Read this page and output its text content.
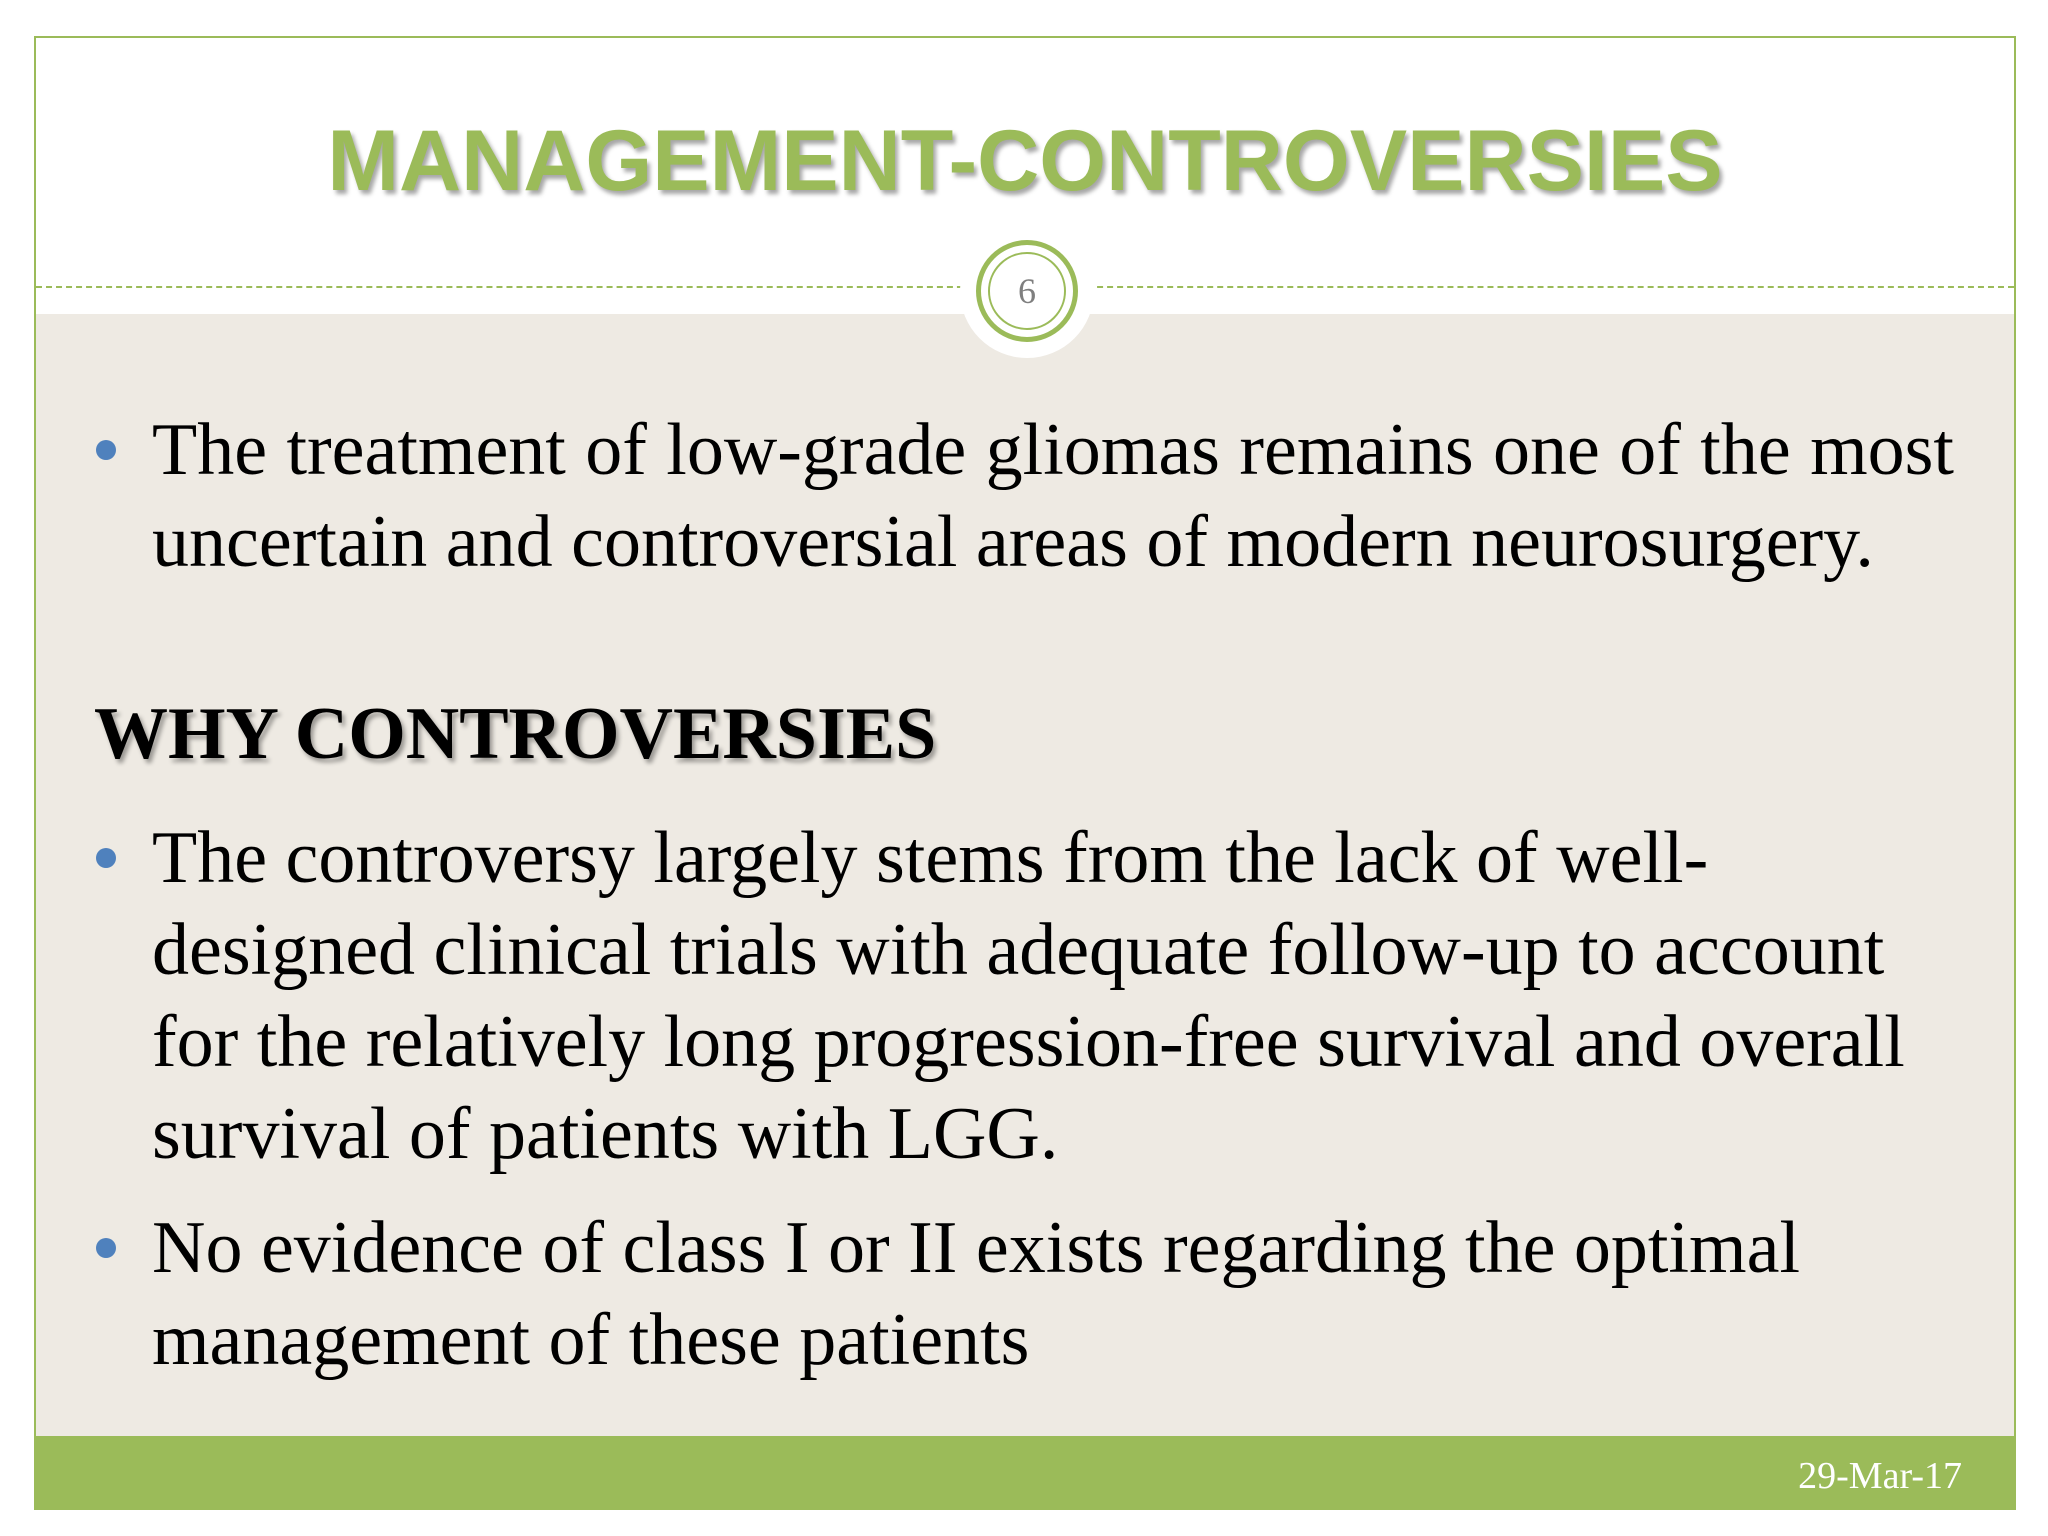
MANAGEMENT-CONTROVERSIES
The treatment of low-grade gliomas remains one of the most uncertain and controversial areas of modern neurosurgery.
WHY CONTROVERSIES
The controversy largely stems from the lack of well-designed clinical trials with adequate follow-up to account for the relatively long progression-free survival and overall survival of patients with LGG.
No evidence of class I or II exists regarding the optimal management of these patients
6
29-Mar-17
